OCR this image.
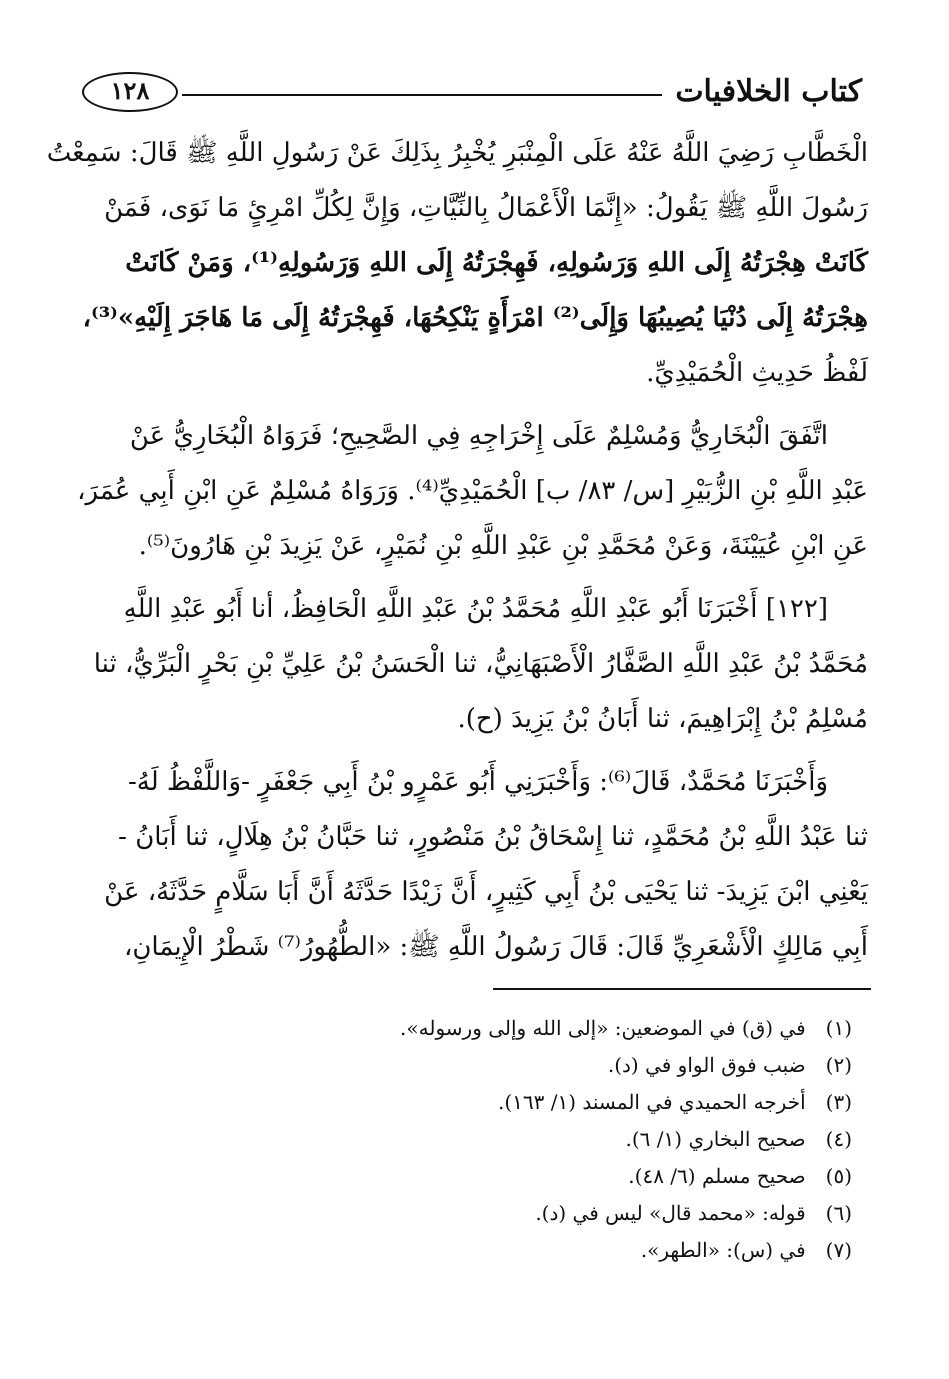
١٢٨	كتاب الخلافيات

الْخَطَّابِ رَضِيَ اللَّهُ عَنْهُ عَلَى الْمِنْبَرِ يُخْبِرُ بِذَلِكَ عَنْ رَسُولِ اللَّهِ ﷺ قَالَ: سَمِعْتُ
رَسُولَ اللَّهِ ﷺ يَقُولُ: «إِنَّمَا الْأَعْمَالُ بِالنِّيَّاتِ، وَإِنَّ لِكُلِّ امْرِئٍ مَا نَوَى، فَمَنْ
كَانَتْ هِجْرَتُهُ إِلَى اللهِ وَرَسُولِهِ، فَهِجْرَتُهُ إِلَى اللهِ وَرَسُولِهِ⁽¹⁾، وَمَنْ كَانَتْ
هِجْرَتُهُ إِلَى دُنْيَا يُصِيبُهَا وَإِلَى⁽²⁾ امْرَأَةٍ يَنْكِحُهَا، فَهِجْرَتُهُ إِلَى مَا هَاجَرَ إِلَيْهِ»⁽³⁾،
لَفْظُ حَدِيثِ الْحُمَيْدِيِّ.

اتَّفَقَ الْبُخَارِيُّ وَمُسْلِمٌ عَلَى إِخْرَاجِهِ فِي الصَّحِيحِ؛ فَرَوَاهُ الْبُخَارِيُّ عَنْ
عَبْدِ اللَّهِ بْنِ الزُّبَيْرِ [س/ ٨٣/ ب] الْحُمَيْدِيِّ⁽⁴⁾. وَرَوَاهُ مُسْلِمٌ عَنِ ابْنِ أَبِي عُمَرَ،
عَنِ ابْنِ عُيَيْنَةَ، وَعَنْ مُحَمَّدِ بْنِ عَبْدِ اللَّهِ بْنِ نُمَيْرٍ، عَنْ يَزِيدَ بْنِ هَارُونَ⁽⁵⁾.

[١٢٢] أَخْبَرَنَا أَبُو عَبْدِ اللَّهِ مُحَمَّدُ بْنُ عَبْدِ اللَّهِ الْحَافِظُ، أنا أَبُو عَبْدِ اللَّهِ
مُحَمَّدُ بْنُ عَبْدِ اللَّهِ الصَّفَّارُ الْأَصْبَهَانِيُّ، ثنا الْحَسَنُ بْنُ عَلِيِّ بْنِ بَحْرٍ الْبَرِّيُّ، ثنا
مُسْلِمُ بْنُ إِبْرَاهِيمَ، ثنا أَبَانُ بْنُ يَزِيدَ (ح).

وَأَخْبَرَنَا مُحَمَّدٌ، قَالَ⁽⁶⁾: وَأَخْبَرَنِي أَبُو عَمْرٍو بْنُ أَبِي جَعْفَرٍ -وَاللَّفْظُ لَهُ-
ثنا عَبْدُ اللَّهِ بْنُ مُحَمَّدٍ، ثنا إِسْحَاقُ بْنُ مَنْصُورٍ، ثنا حَبَّانُ بْنُ هِلَالٍ، ثنا أَبَانُ -
يَعْنِي ابْنَ يَزِيدَ- ثنا يَحْيَى بْنُ أَبِي كَثِيرٍ، أَنَّ زَيْدًا حَدَّثَهُ أَنَّ أَبَا سَلَّامٍ حَدَّثَهُ، عَنْ
أَبِي مَالِكٍ الْأَشْعَرِيِّ قَالَ: قَالَ رَسُولُ اللَّهِ ﷺ: «الطُّهُورُ⁽⁷⁾ شَطْرُ الْإِيمَانِ،

(١) في (ق) في الموضعين: «إلى الله وإلى ورسوله».
(٢) ضبب فوق الواو في (د).
(٣) أخرجه الحميدي في المسند (١/ ١٦٣).
(٤) صحيح البخاري (١/ ٦).
(٥) صحيح مسلم (٦/ ٤٨).
(٦) قوله: «محمد قال» ليس في (د).
(٧) في (س): «الطهر».
